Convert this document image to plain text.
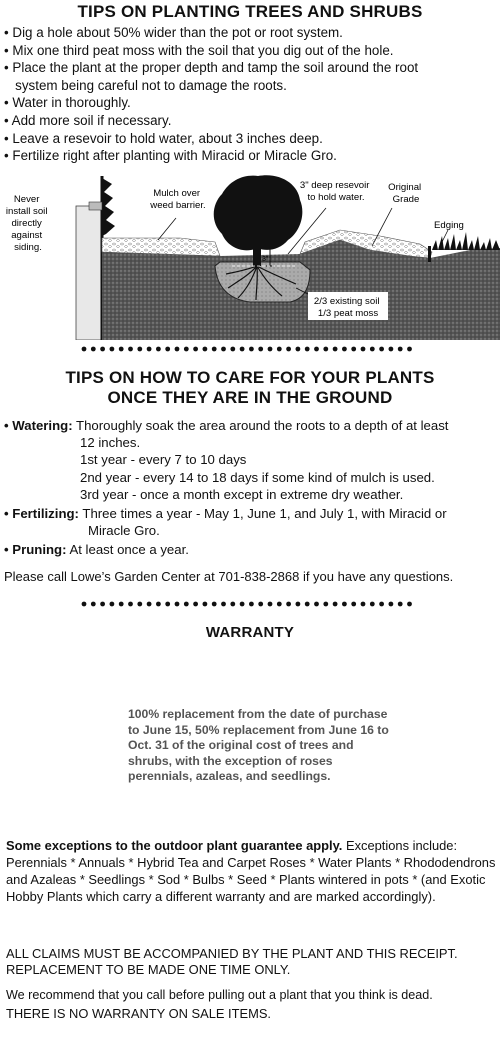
TIPS ON PLANTING TREES AND SHRUBS
• Dig a hole about 50% wider than the pot or root system.
• Mix one third peat moss with the soil that you dig out of the hole.
• Place the plant at the proper depth and tamp the soil around the root
system being careful not to damage the roots.
• Water in thoroughly.
• Add more soil if necessary.
• Leave a resevoir to hold water, about 3 inches deep.
• Fertilize right after planting with Miracid or Miracle Gro.
3"
Never install soil directly against siding.
Mulch over weed barrier.
3" deep resevoir to hold water.
Original Grade
Edging
2/3 existing soil 1/3 peat moss
TIPS ON HOW TO CARE FOR YOUR PLANTS
ONCE THEY ARE IN THE GROUND
• Watering: Thoroughly soak the area around the roots to a depth of at least
12 inches.
1st year - every 7 to 10 days
2nd year - every 14 to 18 days if some kind of mulch is used.
3rd year - once a month except in extreme dry weather.
• Fertilizing: Three times a year - May 1, June 1, and July 1, with Miracid or
Miracle Gro.
• Pruning: At least once a year.
Please call Lowe’s Garden Center at 701-838-2868 if you have any questions.
WARRANTY
100% replacement from the date of purchase
to June 15, 50% replacement from June 16 to
Oct. 31 of the original cost of trees and
shrubs, with the exception of roses
perennials, azaleas, and seedlings.
Some exceptions to the outdoor plant guarantee apply. Exceptions include: Perennials * Annuals * Hybrid Tea and Carpet Roses * Water Plants * Rhododendrons and Azaleas * Seedlings * Sod * Bulbs * Seed * Plants wintered in pots * (and Exotic Hobby Plants which carry a different warranty and are marked accordingly).
ALL CLAIMS MUST BE ACCOMPANIED BY THE PLANT AND THIS RECEIPT. REPLACEMENT TO BE MADE ONE TIME ONLY.
We recommend that you call before pulling out a plant that you think is dead.
THERE IS NO WARRANTY ON SALE ITEMS.
